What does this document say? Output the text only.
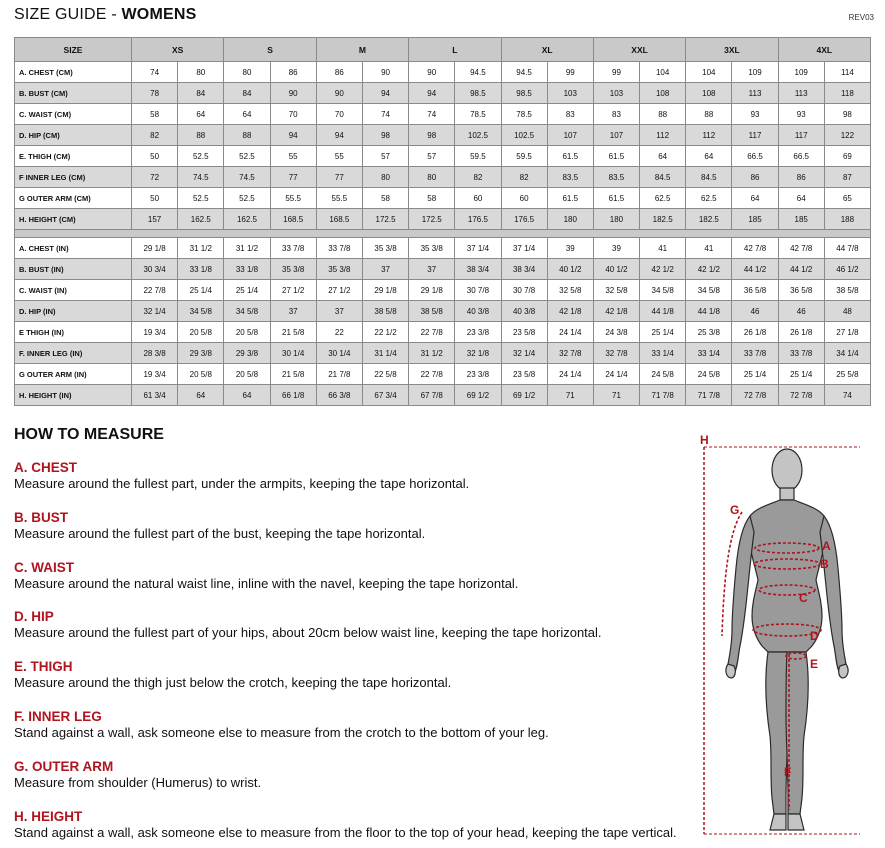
SIZE GUIDE - WOMENS	REV03
SIZE	XS		S		M		L		XL		XXL		3XL		4XL	
A. CHEST (CM)	74	80	80	86	86	90	90	94.5	94.5	99	99	104	104	109	109	114
B. BUST (CM)	78	84	84	90	90	94	94	98.5	98.5	103	103	108	108	113	113	118
C. WAIST (CM)	58	64	64	70	70	74	74	78.5	78.5	83	83	88	88	93	93	98
D. HIP (CM)	82	88	88	94	94	98	98	102.5	102.5	107	107	112	112	117	117	122
E. THIGH (CM)	50	52.5	52.5	55	55	57	57	59.5	59.5	61.5	61.5	64	64	66.5	66.5	69
F INNER LEG (CM)	72	74.5	74.5	77	77	80	80	82	82	83.5	83.5	84.5	84.5	86	86	87
G OUTER ARM (CM)	50	52.5	52.5	55.5	55.5	58	58	60	60	61.5	61.5	62.5	62.5	64	64	65
H. HEIGHT (CM)	157	162.5	162.5	168.5	168.5	172.5	172.5	176.5	176.5	180	180	182.5	182.5	185	185	188

A. CHEST (IN)	29 1/8	31 1/2	31 1/2	33 7/8	33 7/8	35 3/8	35 3/8	37 1/4	37 1/4	39	39	41	41	42 7/8	42 7/8	44 7/8
B. BUST (IN)	30 3/4	33 1/8	33 1/8	35 3/8	35 3/8	37	37	38 3/4	38 3/4	40 1/2	40 1/2	42 1/2	42 1/2	44 1/2	44 1/2	46 1/2
C. WAIST (IN)	22 7/8	25 1/4	25 1/4	27 1/2	27 1/2	29 1/8	29 1/8	30 7/8	30 7/8	32 5/8	32 5/8	34 5/8	34 5/8	36 5/8	36 5/8	38 5/8
D. HIP (IN)	32 1/4	34 5/8	34 5/8	37	37	38 5/8	38 5/8	40 3/8	40 3/8	42 1/8	42 1/8	44 1/8	44 1/8	46	46	48
E THIGH (IN)	19 3/4	20 5/8	20 5/8	21 5/8	22	22 1/2	22 7/8	23 3/8	23 5/8	24 1/4	24 3/8	25 1/4	25 3/8	26 1/8	26 1/8	27 1/8
F. INNER LEG (IN)	28 3/8	29 3/8	29 3/8	30 1/4	30 1/4	31 1/4	31 1/2	32 1/8	32 1/4	32 7/8	32 7/8	33 1/4	33 1/4	33 7/8	33 7/8	34 1/4
G OUTER ARM (IN)	19 3/4	20 5/8	20 5/8	21 5/8	21 7/8	22 5/8	22 7/8	23 3/8	23 5/8	24 1/4	24 1/4	24 5/8	24 5/8	25 1/4	25 1/4	25 5/8
H. HEIGHT (IN)	61 3/4	64	64	66 1/8	66 3/8	67 3/4	67 7/8	69 1/2	69 1/2	71	71	71 7/8	71 7/8	72 7/8	72 7/8	74
HOW TO MEASURE
A. CHEST
Measure around the fullest part, under the armpits, keeping the tape horizontal.
B. BUST
Measure around the fullest part of the bust, keeping the tape horizontal.
C. WAIST
Measure around the natural waist line, inline with the navel, keeping the tape horizontal.
D. HIP
Measure around the fullest part of your hips, about 20cm below waist line, keeping the tape horizontal.
E. THIGH
Measure around the thigh just below the crotch, keeping the tape horizontal.
F. INNER LEG
Stand against a wall, ask someone else to measure from the crotch to the bottom of your leg.
G. OUTER ARM
Measure from shoulder (Humerus) to wrist.
H. HEIGHT
Stand against a wall, ask someone else to measure from the floor to the top of your head, keeping the tape vertical.
H
G
A
B
C
D
E
F
